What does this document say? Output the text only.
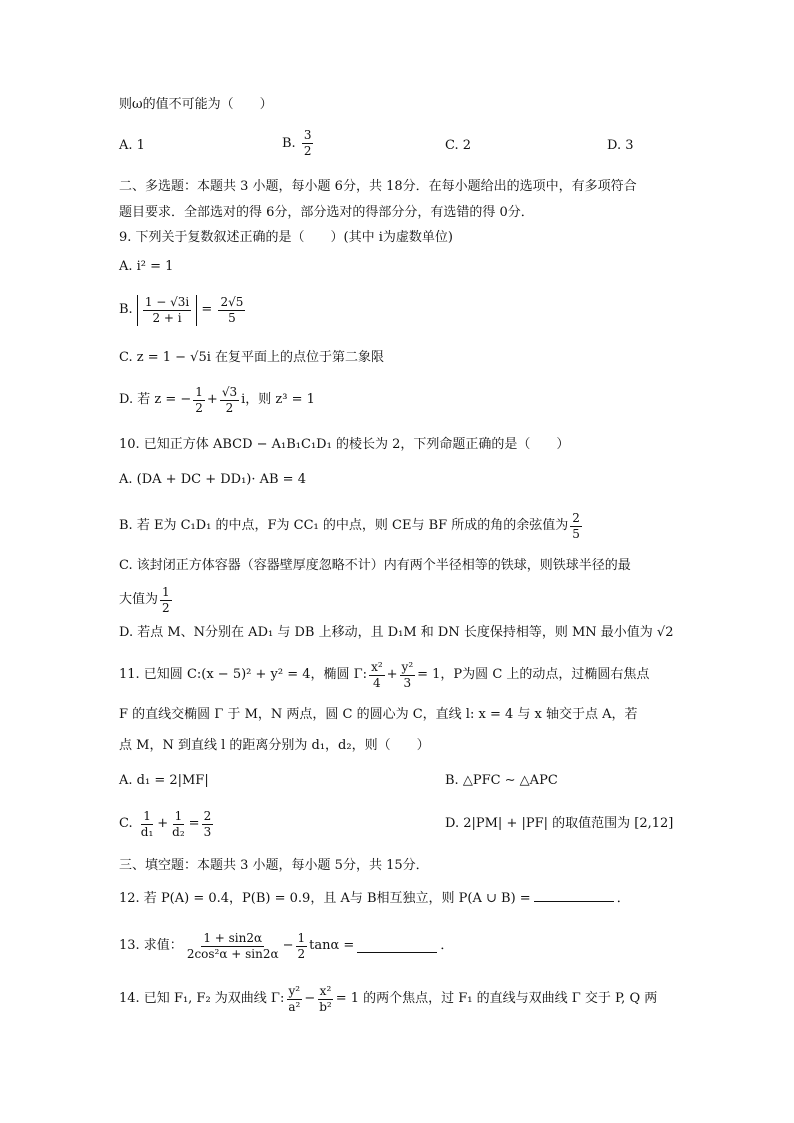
则ω的值不可能为（　　）
A. 1	B. $\frac{3}{2}$	C. 2	D. 3
二、多选题：本题共 3 小题，每小题 6分，共 18分．在每小题给出的选项中，有多项符合
题目要求．全部选对的得 6分，部分选对的得部分分，有选错的得 0分．
9. 下列关于复数叙述正确的是（　　）(其中 i为虚数单位)
A. i² = 1
B.
$\frac{1 - √3i}{2 + i}$
=
$\frac{2√5}{5}$
C. z = 1 − √5i 在复平面上的点位于第二象限
D. 若 z = − $\frac{1}{2} + \frac{√3}{2}$ i，则 z³ = 1
10. 已知正方体 ABCD − A₁B₁C₁D₁ 的棱长为 2，下列命题正确的是（　　）
A. (DA + DC + DD₁)· AB = 4
B. 若 E为 C₁D₁ 的中点，F为 CC₁ 的中点，则 CE与 BF 所成的角的余弦值为 $\frac{2}{5}$
C. 该封闭正方体容器（容器壁厚度忽略不计）内有两个半径相等的铁球，则铁球半径的最
大值为 $\frac{1}{2}$
D. 若点 M、N分别在 AD₁ 与 DB 上移动，且 D₁M 和 DN 长度保持相等，则 MN 最小值为 √2
11. 已知圆 C:(x − 5)² + y² = 4，椭圆 Γ: $\frac{\text{x²}}{4} + \frac{\text{y²}}{3} = 1$，P为圆 C 上的动点，过椭圆右焦点
F 的直线交椭圆 Γ 于 M，N 两点，圆 C 的圆心为 C，直线 l: x = 4 与 x 轴交于点 A，若
点 M，N 到直线 l 的距离分别为 d₁，d₂，则（　　）
A. d₁ = 2|MF|	B. △PFC ∼ △APC
C.
$\frac{1}{\text{d₁}} + \frac{1}{\text{d₂}} = \frac{2}{3}$	D. 2|PM| + |PF| 的取值范围为 [2,12]
三、填空题：本题共 3 小题，每小题 5分，共 15分．
12. 若 P(A) = 0.4，P(B) = 0.9，且 A与 B相互独立，则 P(A ∪ B) =	．
13. 求值： $\frac{1 + \sin 2\alpha}{\text{2cos²α + sin2α}} - \frac{1}{2}$ tanα =	．
14. 已知 F₁, F₂ 为双曲线 Γ: $\frac{\text{y²}}{\text{a²}} - \frac{\text{x²}}{\text{b²}} = 1$ 的两个焦点，过 F₁ 的直线与双曲线 Γ 交于 P, Q 两
